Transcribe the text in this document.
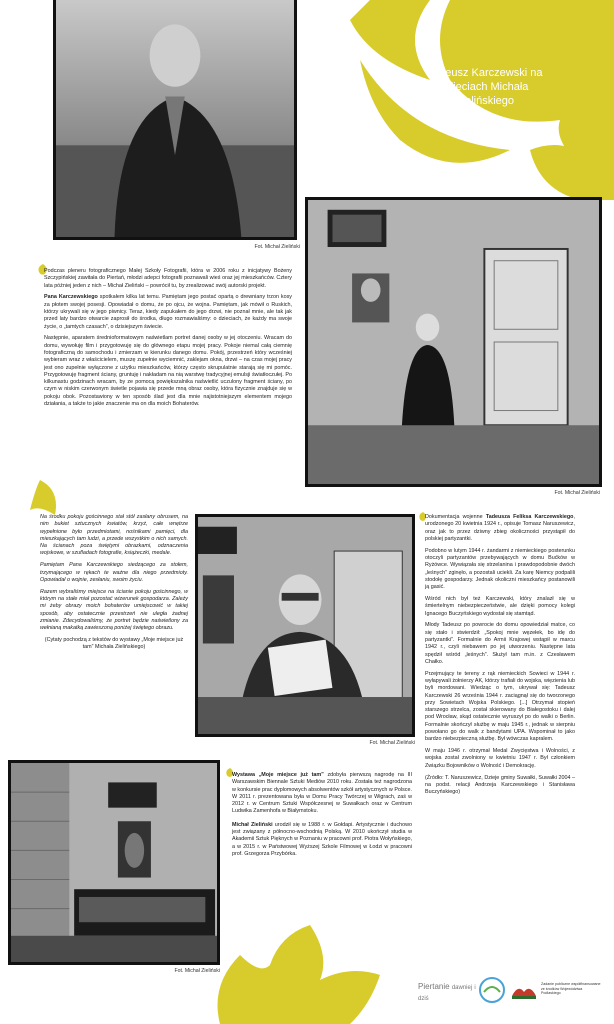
Tadeusz Karczewski na zdjęciach Michała Zielińskiego
Fot. Michał Zieliński
Fot. Michał Zieliński

Podczas pleneru fotograficznego Małej Szkoły Fotografii, która w 2006 roku z inicjatywy Bożeny Szczypińskiej zawitała do Piertań, młodzi adepci fotografii poznawali wieś oraz jej mieszkańców. Cztery lata później jeden z nich – Michał Zieliński – powrócił tu, by zrealizować swój autorski projekt.

Pana Karczewskiego spotkałem kilka lat temu. Pamiętam jego postać opartą o drewniany trzon kosy za płotem swojej posesji. Opowiadał o domu, że po ojcu, że wojna. Pamiętam, jak mówił o Ruskich, którzy ukrywali się w jego piwnicy. Teraz, kiedy zapukałem do jego drzwi, nie poznał mnie, ale tak jak przed laty bardzo otwarcie zaprosił do środka, długo rozmawialiśmy: o dzieciach, że każdy ma swoje życie, o „tamtych czasach”, o dzisiejszym świecie.

Następnie, aparatem średnioformatowym naświetlam portret danej osoby w jej otoczeniu. Wracam do domu, wywołuję film i przygotowuję się do głównego etapu mojej pracy. Pokoje niemal całą ciemnię fotograficzną do samochodu i zmierzam w kierunku danego domu. Pokój, przestrzeń który wcześniej wybieram wraz z właścicielem, muszę zupełnie wyciemnić, zaklejam okna, drzwi – na czas mojej pracy jest ono zupełnie wyłączone z użytku mieszkańców, którzy często skrupulatnie starają się mi pomóc. Przygotowuję fragment ściany, gruntuję i nakładam na nią warstwę tradycyjnej emulsji światłoczułej. Po kilkunastu godzinach wracam, by ze pomocą powiększalnika naświetlić uczulony fragment ściany, po czym w niskim czerwonym świetle pojawia się przede mną obraz osoby, która fizycznie znajduje się w pokoju obok. Pozostawiony w ten sposób ślad jest dla mnie najistotniejszym elementem mojego działania, a także to jakie znaczenie ma on dla moich Bohaterów.

Na środku pokoju gościnnego stał stół zasłany obrusem, na nim bukiet sztucznych kwiatów, krzyż, całe wnętrze wypełnione było przedmiotami, nośnikami pamięci, dla mieszkających tam ludzi, a przede wszystkim o nich samych. Na ścianach poza świętymi obrazkami, odznaczenia wojskowe, w szufladach fotografie, książeczki, medale.

Pamiętam Pana Karczewskiego siedzącego za stołem, trzymającego w rękach te ważne dla niego przedmioty. Opowiadał o wojnie, zesłaniu, swoim życiu.

Razem wybraliśmy miejsce na ścianie pokoju gościnnego, w którym na stałe miał pozostać wizerunek gospodarza. Zależy mi żeby obrazy moich bohaterów umiejscowić w takiej sposób, aby ostatecznie przestrzeń nie uległa żadnej zmianie. Zdecydowaliśmy, że portret będzie naświetlony za wełnianą makatką zawieszoną poniżej świętego obrazu.

(Cytaty pochodzą z tekstów do wystawy „Moje miejsce już tam” Michała Zielińskiego)

Fot. Michał Zieliński

Dokumentacja wojenne Tadeusza Feliksa Karczewskiego, urodzonego 20 kwietnia 1924 r., opisuje Tomasz Naruszewicz, oraz jak to przez dziwny zbieg okoliczności przystąpił do polskiej partyzantki.

Podobno w lutym 1944 r. żandarmi z niemieckiego posterunku otoczyli partyzantów przebywających w domu Bućków w Ryżówce. Wywiązała się strzelanina i prawdopodobnie dwóch „leśnych” zginęło, a pozostali uciekli. Za karę Niemcy podpalili stodołę gospodarzy. Jednak okoliczni mieszkańcy postanowili ją gasić.

Wśród nich był też Karczewski, który znalazł się w śmiertelnym niebezpieczeństwie, ale dzięki pomocy kolegi Ignacego Buczyńskiego wydostał się stamtąd.

Młody Tadeusz po powrocie do domu opowiedział matce, co się stało i stwierdził: „Spokoj mnie węzełek, bo idę do partyzantki”. Formalnie do Armii Krajowej wstąpił w marcu 1942 r., czyli niebawem po jej utworzeniu. Następne lata spędził wśród „leśnych”. Służył tam m.in. z Czesławem Chałko.

Przejmujący te tereny z rąk niemieckich Sowieci w 1944 r. wyłapywali żołnierzy AK, którzy trafiali do wojska, więzienia lub byli mordowani. Wiedząc o tym, ukrywał się: Tadeusz Karczewski 26 września 1944 r. zaciągnął się do tworzonego przy Sowietach Wojska Polskiego. [...] Otrzymał stopień starszego strzelca, został skierowany do Białegostoku i dalej pod Wrocław, skąd ostatecznie wyruszył po do walki o Berlin. Formalnie skończył służbę w maju 1945 r., jednak w sierpniu powołano go do walk z bandytami UPA. Wspominał to jako bardzo niebezpieczną służbę. Był wówczas kapralem.

W maju 1946 r. otrzymał Medal Zwycięstwa i Wolności, z wojska został zwolniony w kwietniu 1947 r. Był członkiem Związku Bojowników o Wolność i Demokrację.

(Źródło: T. Naruszewicz, Dzieje gminy Suwałki, Suwałki 2004 – na podst. relacji Andrzeja Karczewskiego i Stanisława Buczyńskiego)

Fot. Michał Zieliński

Wystawa „Moje miejsce już tam” zdobyła pierwszą nagrodę na III Warszawskim Biennale Sztuki Mediów 2010 roku. Została też nagrodzona w konkursie prac dyplomowych absolwentów szkół artystycznych w Polsce. W 2011 r. prezentowana była w Domu Pracy Twórczej w Wigrach, zaś w 2012 r. w Centrum Sztuki Współczesnej w Suwałkach oraz w Centrum Ludwika Zamenhofa w Białymstoku.

Michał Zieliński urodził się w 1988 r. w Gołdapi. Artystycznie i duchowo jest związany z północno-wschodnią Polską. W 2010 ukończył studia w Akademii Sztuk Pięknych w Poznaniu w pracowni prof. Piotra Wołyńskiego, a w 2015 r. w Państwowej Wyższej Szkole Filmowej w Łodzi w pracowni prof. Grzegorza Przybórka.

Piertanie dawniej i dziś
Zadanie publiczne współfinansowane ze środków Województwa Podlaskiego
